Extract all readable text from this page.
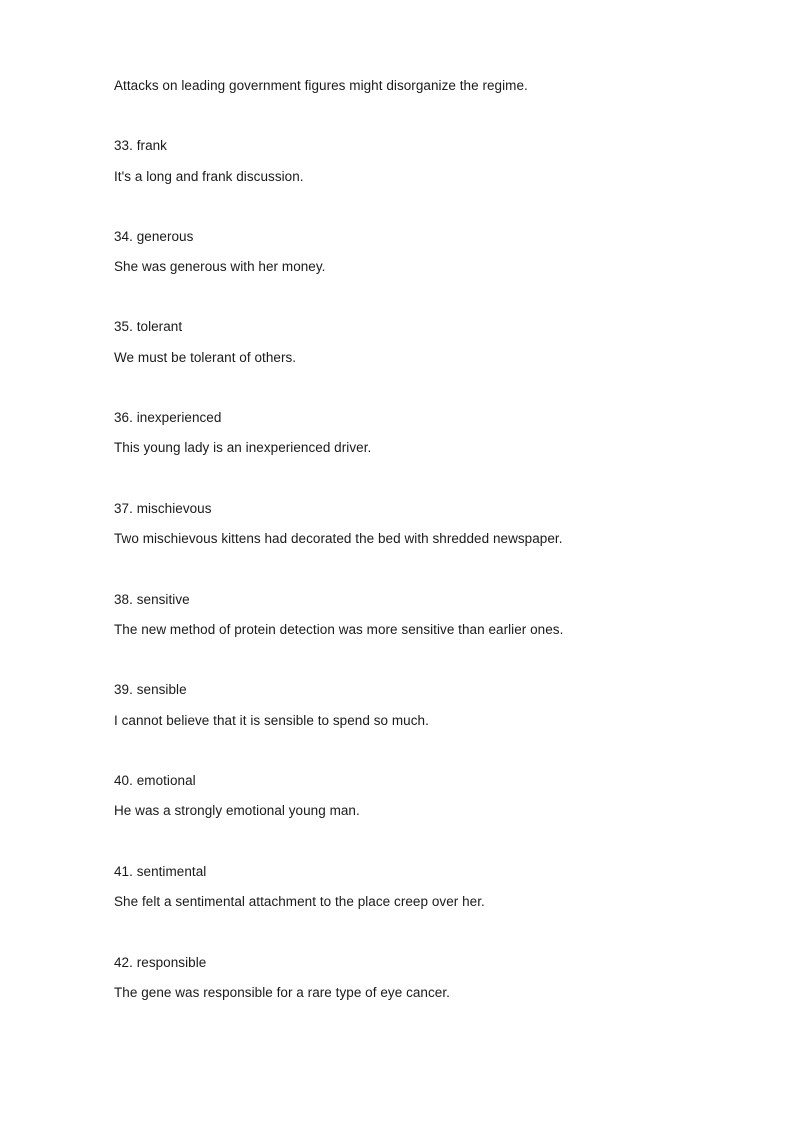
Attacks on leading government figures might disorganize the regime.
33. frank
It's a long and frank discussion.
34. generous
She was generous with her money.
35. tolerant
We must be tolerant of others.
36. inexperienced
This young lady is an inexperienced driver.
37. mischievous
Two mischievous kittens had decorated the bed with shredded newspaper.
38. sensitive
The new method of protein detection was more sensitive than earlier ones.
39. sensible
I cannot believe that it is sensible to spend so much.
40. emotional
He was a strongly emotional young man.
41. sentimental
She felt a sentimental attachment to the place creep over her.
42. responsible
The gene was responsible for a rare type of eye cancer.
